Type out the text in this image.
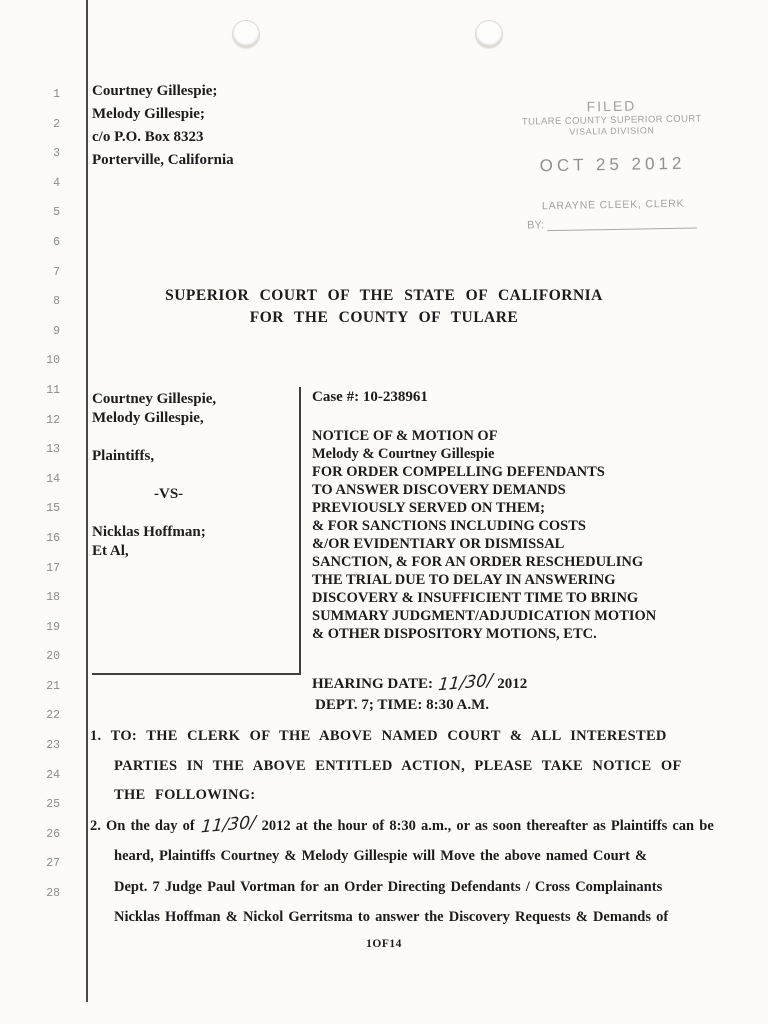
1
2
3
4
5
6
7
8
9
10
11
12
13
14
15
16
17
18
19
20
21
22
23
24
25
26
27
28
Courtney Gillespie;
Melody Gillespie;
c/o P.O. Box 8323
Porterville, California
FILED
TULARE COUNTY SUPERIOR COURT
VISALIA DIVISION
OCT 25 2012
LARAYNE CLEEK, CLERK
BY:
SUPERIOR COURT OF THE STATE OF CALIFORNIA
FOR THE COUNTY OF TULARE
Courtney Gillespie,
Melody Gillespie,
Plaintiffs,
-VS-
Nicklas Hoffman;
Et Al,
Case #: 10-238961
NOTICE OF & MOTION OF
Melody & Courtney Gillespie
FOR ORDER COMPELLING DEFENDANTS
TO ANSWER DISCOVERY DEMANDS
PREVIOUSLY SERVED ON THEM;
& FOR SANCTIONS INCLUDING COSTS
&/OR EVIDENTIARY OR DISMISSAL
SANCTION, & FOR AN ORDER RESCHEDULING
THE TRIAL DUE TO DELAY IN ANSWERING
DISCOVERY & INSUFFICIENT TIME TO BRING
SUMMARY JUDGMENT/ADJUDICATION MOTION
& OTHER DISPOSITORY MOTIONS, ETC.
HEARING DATE: 11/30/ 2012
DEPT. 7; TIME: 8:30 A.M.
1. TO: THE CLERK OF THE ABOVE NAMED COURT & ALL INTERESTED
PARTIES IN THE ABOVE ENTITLED ACTION, PLEASE TAKE NOTICE OF
THE FOLLOWING:
2. On the day of 11/30/ 2012 at the hour of 8:30 a.m., or as soon thereafter as Plaintiffs can be
heard, Plaintiffs Courtney & Melody Gillespie will Move the above named Court &
Dept. 7 Judge Paul Vortman for an Order Directing Defendants / Cross Complainants
Nicklas Hoffman & Nickol Gerritsma to answer the Discovery Requests & Demands of
1OF14
